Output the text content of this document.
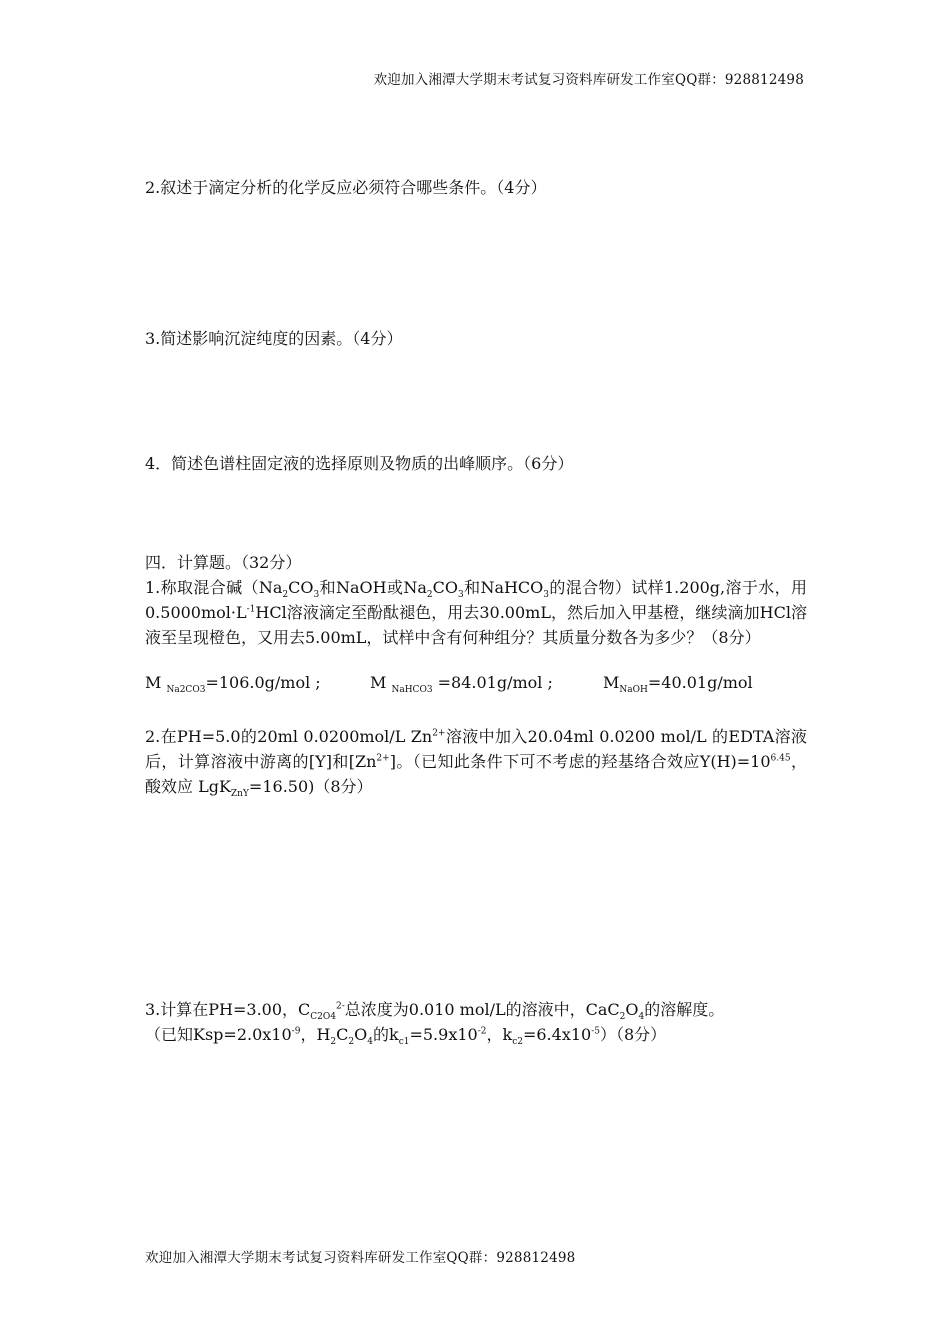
欢迎加入湘潭大学期末考试复习资料库研发工作室QQ群：928812498
2.叙述于滴定分析的化学反应必须符合哪些条件。（4分）
3.简述影响沉淀纯度的因素。（4分）
4．简述色谱柱固定液的选择原则及物质的出峰顺序。（6分）
四．计算题。（32分）
1.称取混合碱（$Na_2CO_3$和NaOH或$Na_2CO_3$和NaHCO$_3$的混合物）试样1.200g,溶于水，用$0.5000mol\cdot L^{-1}HCl$溶液滴定至酚酞褪色，用去30.00mL，然后加入甲基橙，继续滴加HCl溶液至呈现橙色，又用去5.00mL，试样中含有何种组分？其质量分数各为多少？（8分）
M $_{Na2CO3}$=106.0g/mol ;	M $_{NaHCO3}$ =84.01g/mol ;	$M_{NaOH}=40.01g$/mol
2.在PH=5.0的20ml 0.0200mol/L $Zn^{2+}$溶液中加入20.04ml 0.0200 mol/L 的EDTA溶液后，计算溶液中游离的[Y]和$[Zn^{2+}]$。（已知此条件下可不考虑的羟基络合效应$Y(H)=10^{6.45}$，酸效应 LgK$_{ZnY}$=16.50)（8分）
3.计算在PH=3.00，$C_{C2O4}^{2-}$总浓度为0.010 mol/L的溶液中，$CaC_2O_4$的溶解度。
（已知$Ksp=2.0x10^{-9}$，$H_2C_2O_4$的$k_{c1}=5.9x10^{-2}$，$k_{c2}=6.4x10^{-5})(8$分）
欢迎加入湘潭大学期末考试复习资料库研发工作室QQ群：928812498
